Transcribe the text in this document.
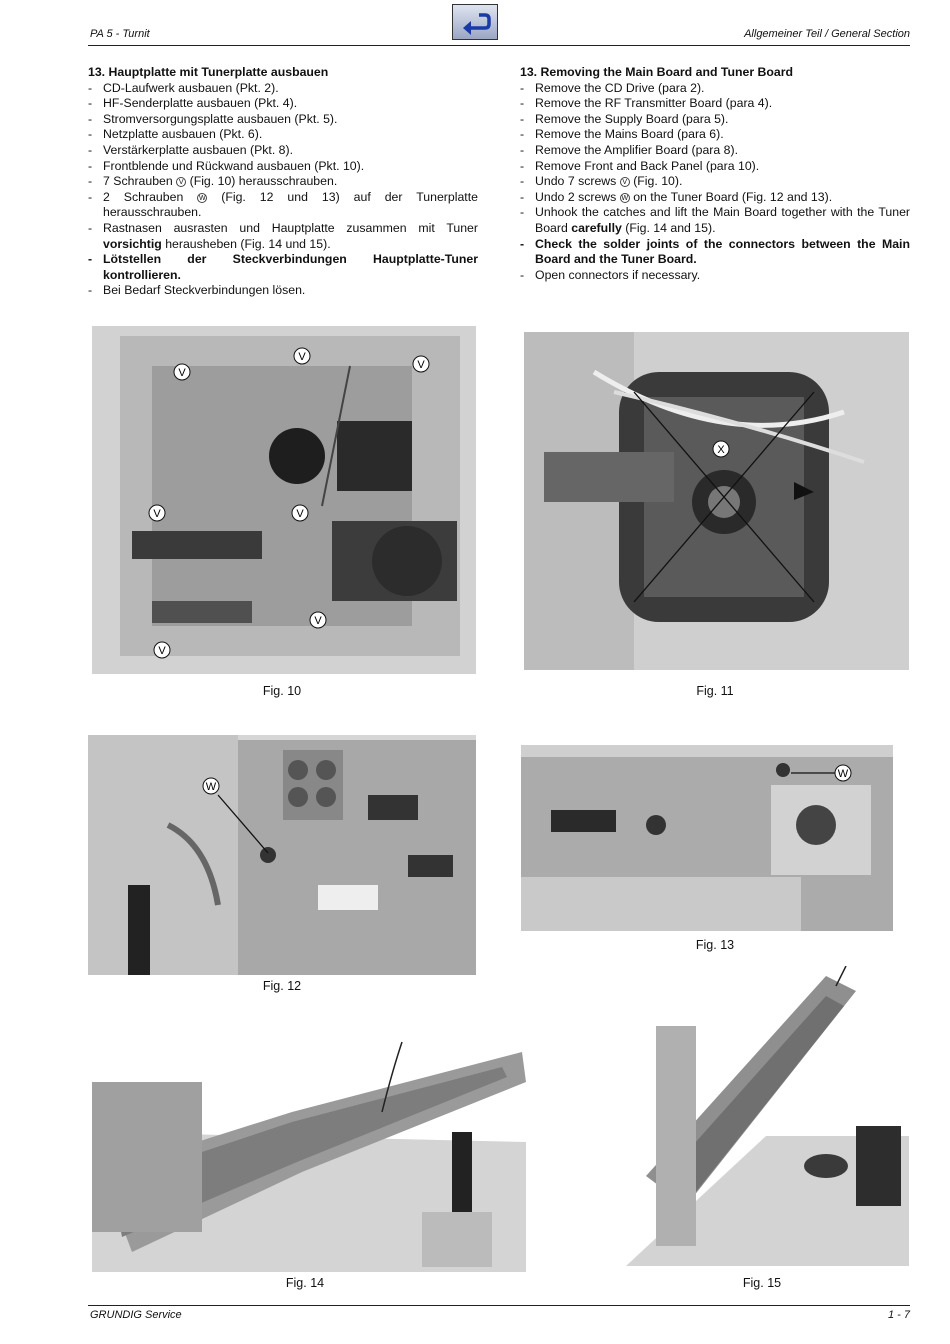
PA 5 - Turnit	Allgemeiner Teil / General Section
13. Hauptplatte mit Tunerplatte ausbauen
- CD-Laufwerk ausbauen (Pkt. 2).
- HF-Senderplatte ausbauen (Pkt. 4).
- Stromversorgungsplatte ausbauen (Pkt. 5).
- Netzplatte ausbauen (Pkt. 6).
- Verstärkerplatte ausbauen (Pkt. 8).
- Frontblende und Rückwand ausbauen (Pkt. 10).
- 7 Schrauben V (Fig. 10) herausschrauben.
- 2 Schrauben W (Fig. 12 und 13) auf der Tunerplatte herausschrauben.
- Rastnasen ausrasten und Hauptplatte zusammen mit Tuner vorsichtig herausheben (Fig. 14 und 15).
- Lötstellen der Steckverbindungen Hauptplatte-Tuner kontrollieren.
- Bei Bedarf Steckverbindungen lösen.
13. Removing the Main Board and Tuner Board
- Remove the CD Drive (para 2).
- Remove the RF Transmitter Board (para 4).
- Remove the Supply Board (para 5).
- Remove the Mains Board (para 6).
- Remove the Amplifier Board (para 8).
- Remove Front and Back Panel (para 10).
- Undo 7 screws V (Fig. 10).
- Undo 2 screws W on the Tuner Board (Fig. 12 and 13).
- Unhook the catches and lift the Main Board together with the Tuner Board carefully (Fig. 14 and 15).
- Check the solder joints of the connectors between the Main Board and the Tuner Board.
- Open connectors if necessary.
V
V
V
V	V
V
V
Fig. 10
X
Fig. 11
W
Fig. 12
W
Fig. 13
Fig. 14	Fig. 15
GRUNDIG Service	1 - 7
